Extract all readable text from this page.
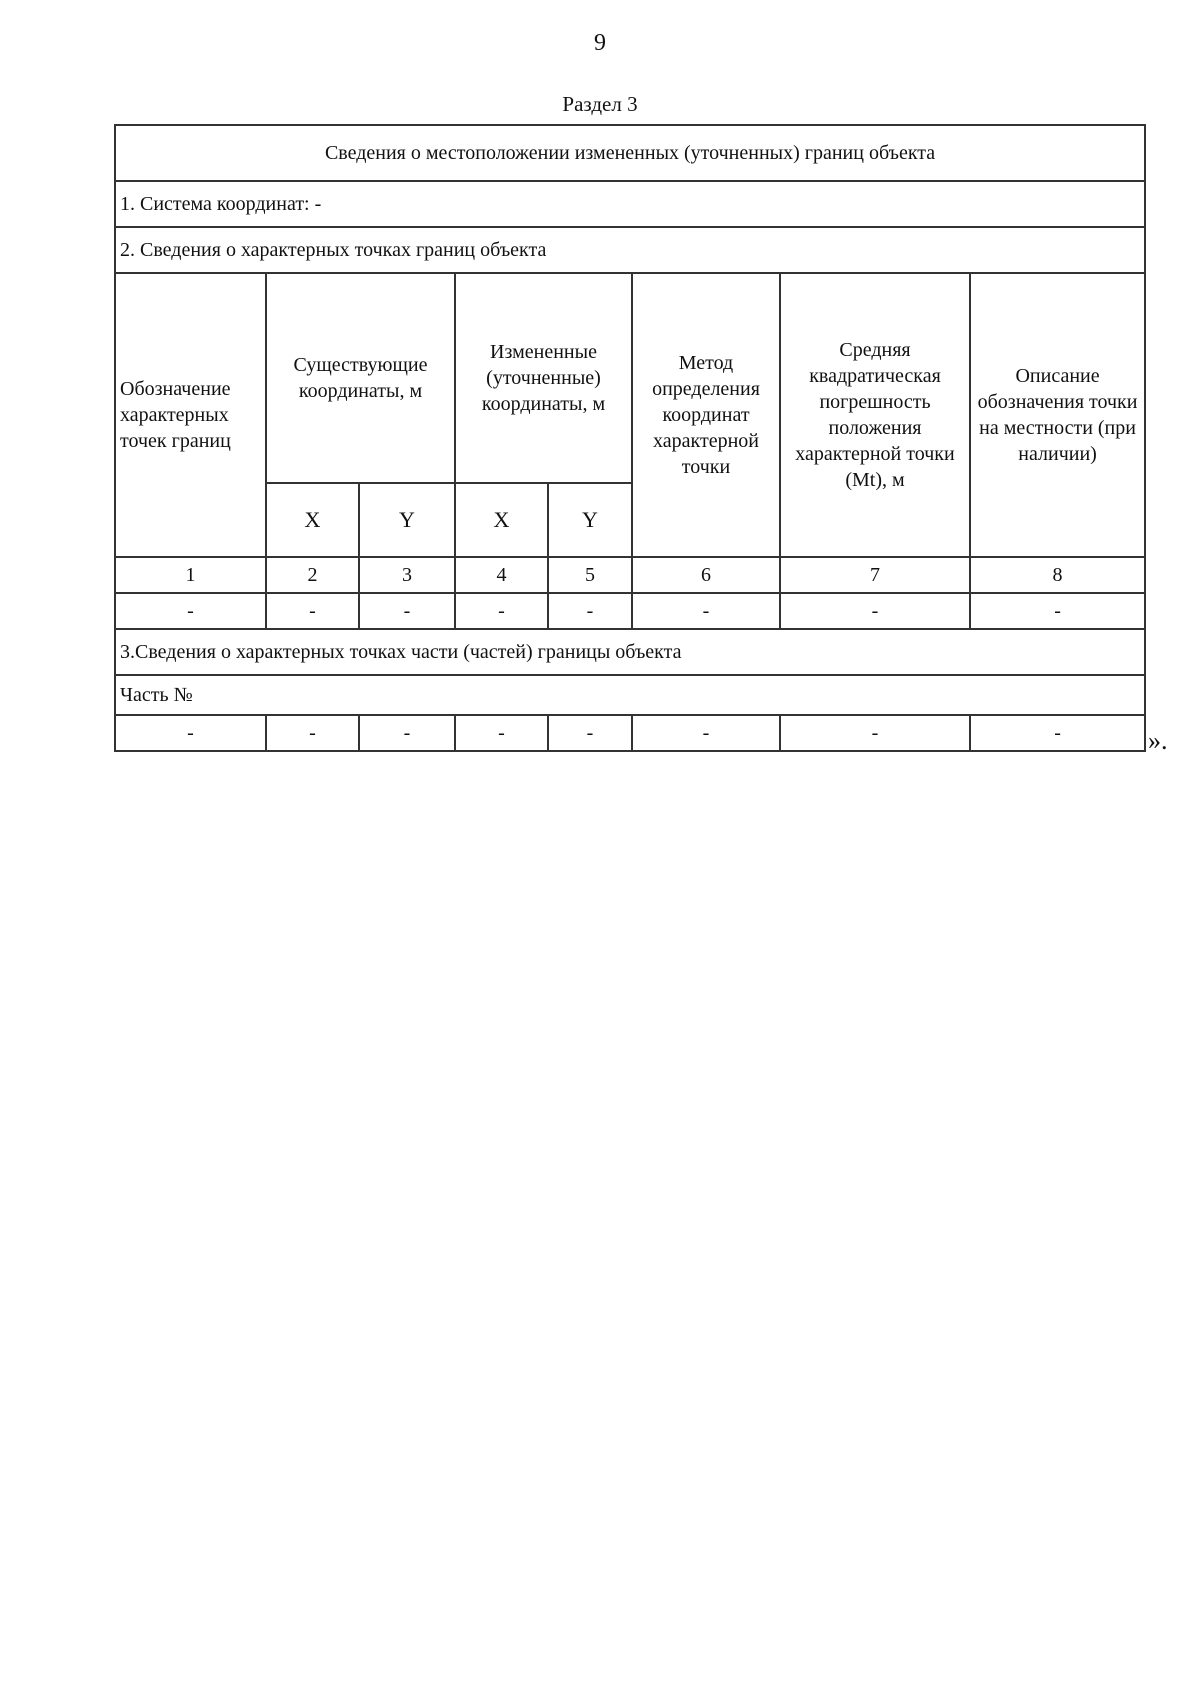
9
Раздел 3
Сведения о местоположении измененных (уточненных) границ объекта							
1. Система координат: -							
2. Сведения о характерных точках границ объекта							
Обозначение характерных точек границ	Существующие координаты, м		Измененные (уточненные) координаты, м		Метод определения координат характерной точки	Средняя квадратическая погрешность положения характерной точки (Mt), м	Описание обозначения точки на местности (при наличии)
	X	Y	X	Y			
1	2	3	4	5	6	7	8
-	-	-	-	-	-	-	-
3.Сведения о характерных точках части (частей) границы объекта							
Часть №							
-	-	-	-	-	-	-	-	».
